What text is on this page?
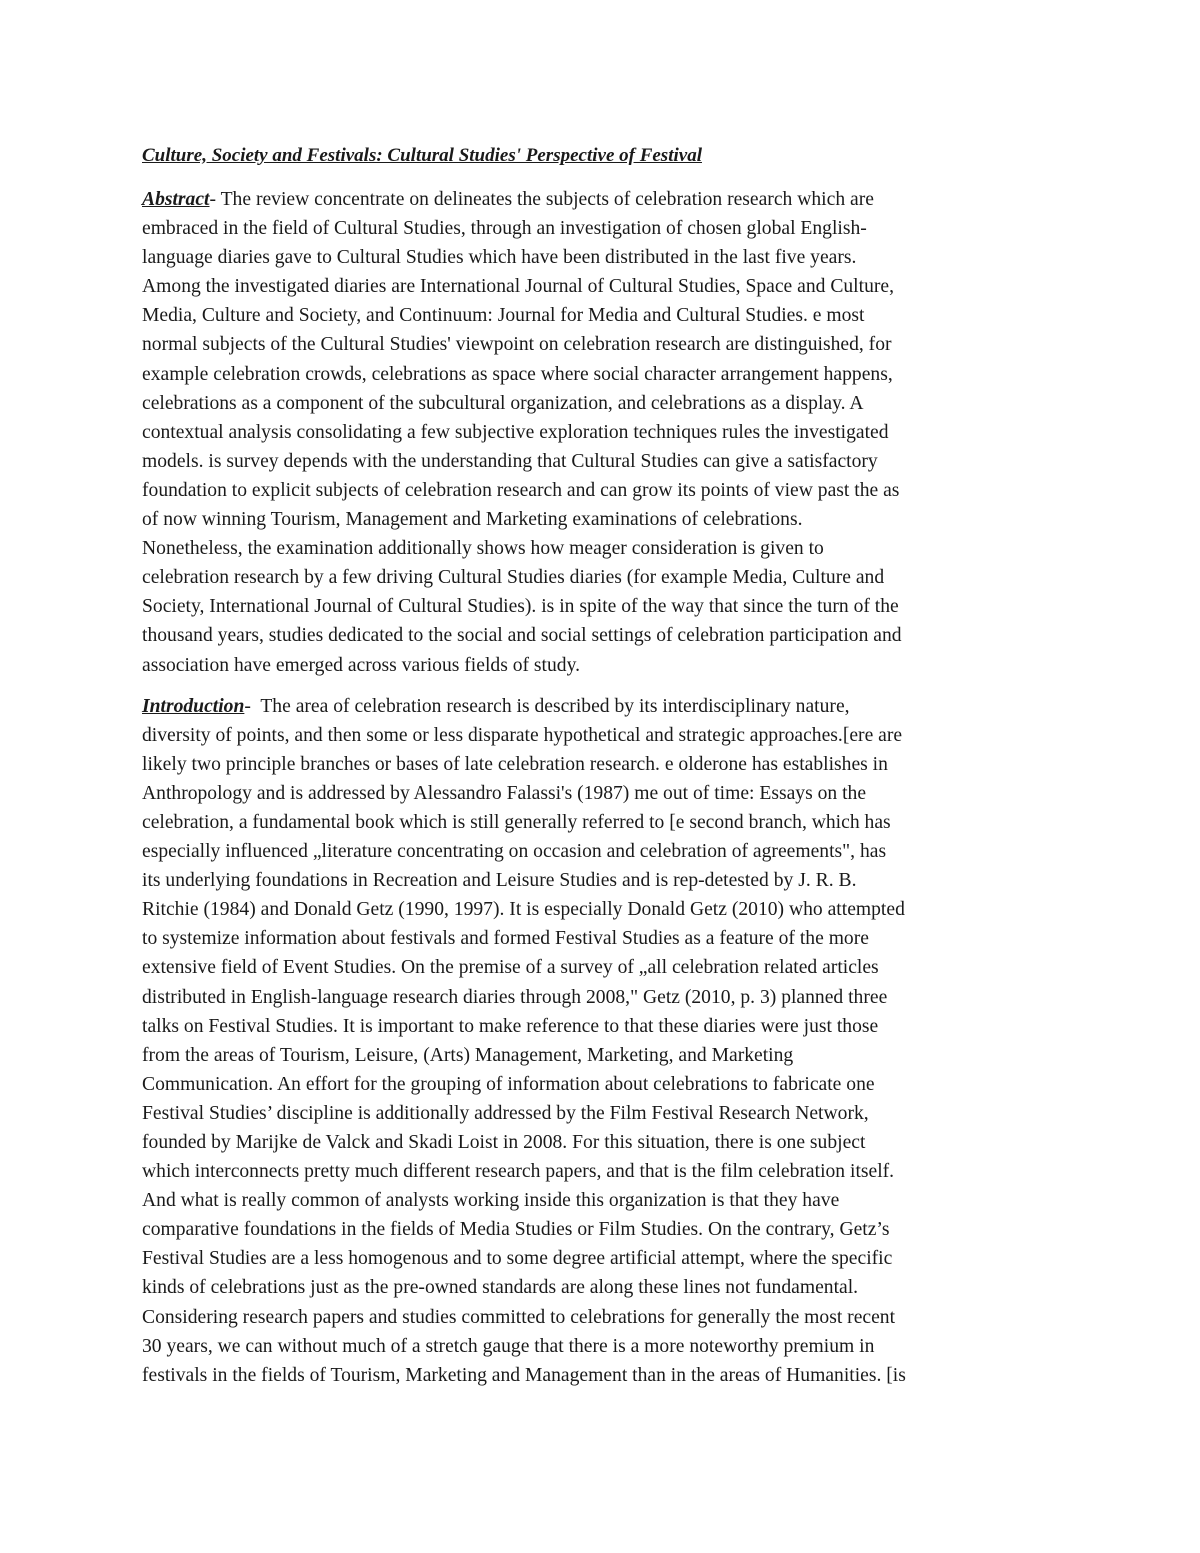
Culture, Society and Festivals: Cultural Studies' Perspective of Festival

Abstract- The review concentrate on delineates the subjects of celebration research which are
embraced in the field of Cultural Studies, through an investigation of chosen global English-
language diaries gave to Cultural Studies which have been distributed in the last five years.
Among the investigated diaries are International Journal of Cultural Studies, Space and Culture,
Media, Culture and Society, and Continuum: Journal for Media and Cultural Studies. e most
normal subjects of the Cultural Studies' viewpoint on celebration research are distinguished, for
example celebration crowds, celebrations as space where social character arrangement happens,
celebrations as a component of the subcultural organization, and celebrations as a display. A
contextual analysis consolidating a few subjective exploration techniques rules the investigated
models. is survey depends with the understanding that Cultural Studies can give a satisfactory
foundation to explicit subjects of celebration research and can grow its points of view past the as
of now winning Tourism, Management and Marketing examinations of celebrations.
Nonetheless, the examination additionally shows how meager consideration is given to
celebration research by a few driving Cultural Studies diaries (for example Media, Culture and
Society, International Journal of Cultural Studies). is in spite of the way that since the turn of the
thousand years, studies dedicated to the social and social settings of celebration participation and
association have emerged across various fields of study.

Introduction-  The area of celebration research is described by its interdisciplinary nature,
diversity of points, and then some or less disparate hypothetical and strategic approaches.[ere are
likely two principle branches or bases of late celebration research. e olderone has establishes in
Anthropology and is addressed by Alessandro Falassi's (1987) me out of time: Essays on the
celebration, a fundamental book which is still generally referred to [e second branch, which has
especially influenced „literature concentrating on occasion and celebration of agreements", has
its underlying foundations in Recreation and Leisure Studies and is rep-detested by J. R. B.
Ritchie (1984) and Donald Getz (1990, 1997). It is especially Donald Getz (2010) who attempted
to systemize information about festivals and formed Festival Studies as a feature of the more
extensive field of Event Studies. On the premise of a survey of „all celebration related articles
distributed in English-language research diaries through 2008," Getz (2010, p. 3) planned three
talks on Festival Studies. It is important to make reference to that these diaries were just those
from the areas of Tourism, Leisure, (Arts) Management, Marketing, and Marketing
Communication. An effort for the grouping of information about celebrations to fabricate one
Festival Studies’ discipline is additionally addressed by the Film Festival Research Network,
founded by Marijke de Valck and Skadi Loist in 2008. For this situation, there is one subject
which interconnects pretty much different research papers, and that is the film celebration itself.
And what is really common of analysts working inside this organization is that they have
comparative foundations in the fields of Media Studies or Film Studies. On the contrary, Getz’s
Festival Studies are a less homogenous and to some degree artificial attempt, where the specific
kinds of celebrations just as the pre-owned standards are along these lines not fundamental.
Considering research papers and studies committed to celebrations for generally the most recent
30 years, we can without much of a stretch gauge that there is a more noteworthy premium in
festivals in the fields of Tourism, Marketing and Management than in the areas of Humanities. [is
